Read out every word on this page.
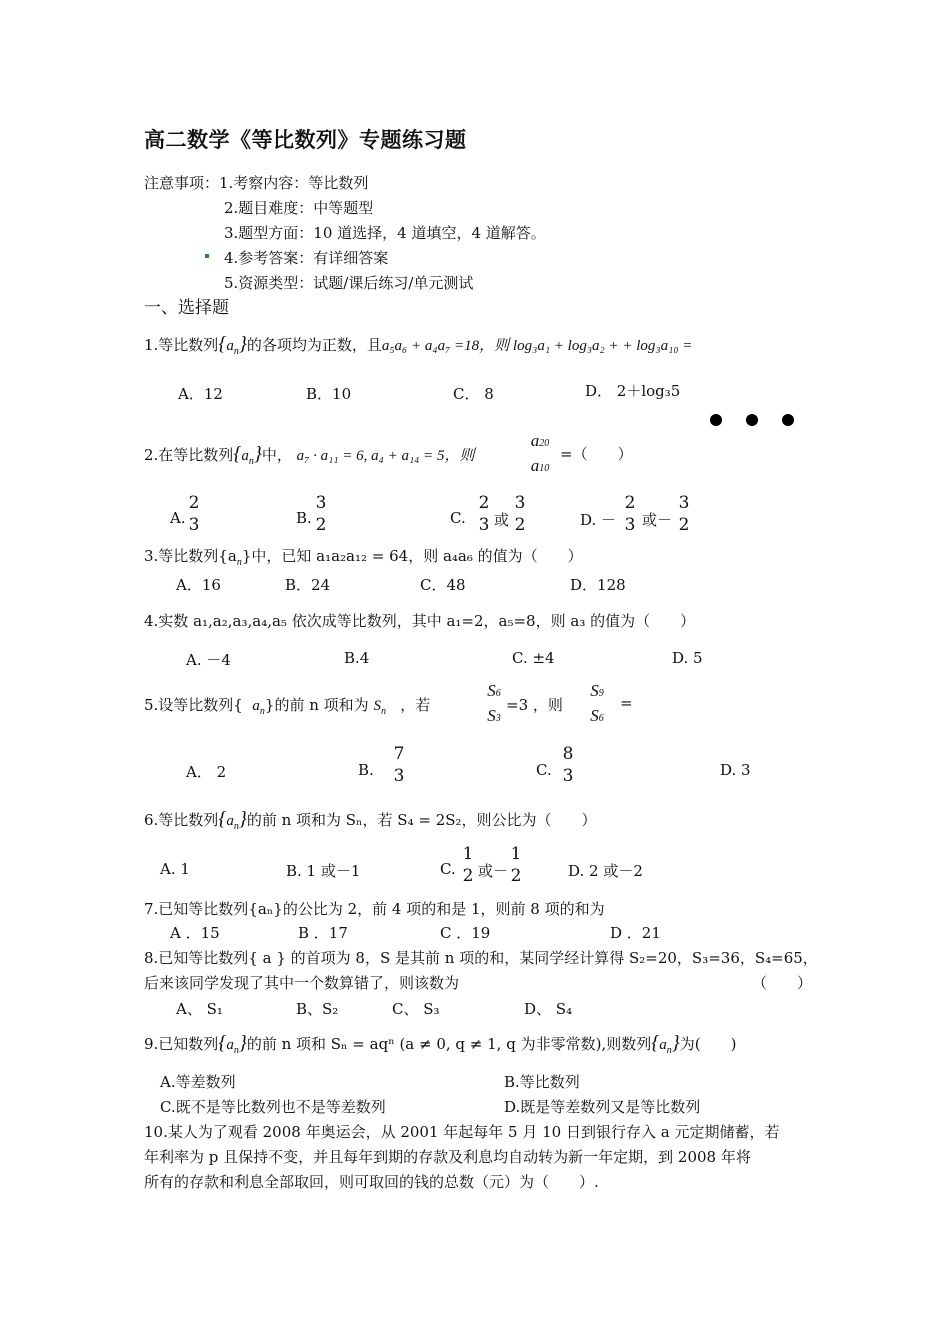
高二数学《等比数列》专题练习题
注意事项：1.考察内容：等比数列
2.题目难度：中等题型
3.题型方面：10 道选择，4 道填空，4 道解答。
4.参考答案：有详细答案
5.资源类型：试题/课后练习/单元测试
一、选择题
1.等比数列$\{a_n\}$的各项均为正数，且a₅a₆ + a₄a₇ =18，则 log₃a₁ + log₃a₂ + + log₃a₁₀ =
A．12	B．10	C． 8	D． 2＋log₃5
2.在等比数列$\{a_n\}$中， a₇ · a₁₁ = 6, a₄ + a₁₄ = 5，则
a20
a10
=（　　）
A.
2
3	B.
3
2	C.
2
3 或
3
2	D. －
2
3 或－
3
2
3.等比数列$\{a_n\}$中，已知 a₁a₂a₁₂ = 64，则 a₄a₆ 的值为（　　）
A．16	B．24	C．48	D．128
4.实数 a₁,a₂,a₃,a₄,a₅ 依次成等比数列，其中 a₁=2，a₅=8，则 a₃ 的值为（　　）
A. －4	B.4	C. ±4	D. 5
5.设等比数列{ $a_n$}的前 n 项和为 $S_n$ ，若
S6
S3
=3 ，则
S9
S6
=
A． 2	B.
7
3	C.
8
3	D. 3
6.等比数列$\{a_n\}$的前 n 项和为 Sₙ，若 S₄ = 2S₂，则公比为（　　）
A. 1	B. 1 或－1	C.
1
2 或－
1
2	D. 2 或－2
7.已知等比数列{aₙ}的公比为 2，前 4 项的和是 1，则前 8 项的和为
A ．15	B ．17	C ．19	D ．21
8.已知等比数列{ a } 的首项为 8，S 是其前 n 项的和，某同学经计算得 S₂=20，S₃=36，S₄=65，
后来该同学发现了其中一个数算错了，则该数为	（　　）
A、 S₁	B、S₂	C、 S₃	D、 S₄
9.已知数列$\{a_n\}$的前 n 项和 Sₙ = aqⁿ (a ≠ 0, q ≠ 1, q 为非零常数),则数列$\{a_n\}$为(　　)
A.等差数列	B.等比数列
C.既不是等比数列也不是等差数列	D.既是等差数列又是等比数列
10.某人为了观看 2008 年奥运会，从 2001 年起每年 5 月 10 日到银行存入 a 元定期储蓄，若
年利率为 p 且保持不变，并且每年到期的存款及利息均自动转为新一年定期，到 2008 年将
所有的存款和利息全部取回，则可取回的钱的总数（元）为（　　）.
